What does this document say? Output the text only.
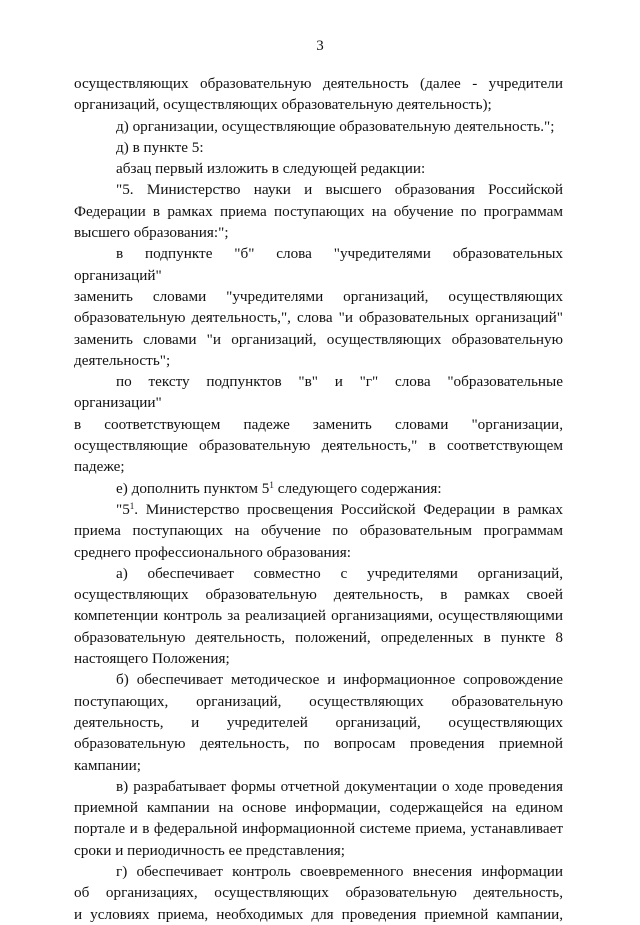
3
осуществляющих образовательную деятельность (далее - учредители
организаций, осуществляющих образовательную деятельность);
д) организации, осуществляющие образовательную деятельность.";
д) в пункте 5:
абзац первый изложить в следующей редакции:
"5. Министерство науки и высшего образования Российской
Федерации в рамках приема поступающих на обучение по программам
высшего образования:";
в подпункте "б" слова "учредителями образовательных организаций"
заменить словами "учредителями организаций, осуществляющих
образовательную деятельность,", слова "и образовательных организаций"
заменить словами "и организаций, осуществляющих образовательную
деятельность";
по тексту подпунктов "в" и "г" слова "образовательные организации"
в соответствующем падеже заменить словами "организации,
осуществляющие образовательную деятельность," в соответствующем
падеже;
е) дополнить пунктом $5^1$ следующего содержания:
"$5^1$. Министерство просвещения Российской Федерации в рамках
приема поступающих на обучение по образовательным программам
среднего профессионального образования:
а) обеспечивает совместно с учредителями организаций,
осуществляющих образовательную деятельность, в рамках своей
компетенции контроль за реализацией организациями, осуществляющими
образовательную деятельность, положений, определенных в пункте 8
настоящего Положения;
б) обеспечивает методическое и информационное сопровождение
поступающих, организаций, осуществляющих образовательную
деятельность, и учредителей организаций, осуществляющих
образовательную деятельность, по вопросам проведения приемной
кампании;
в) разрабатывает формы отчетной документации о ходе проведения
приемной кампании на основе информации, содержащейся на едином
портале и в федеральной информационной системе приема, устанавливает
сроки и периодичность ее представления;
г) обеспечивает контроль своевременного внесения информации
об организациях, осуществляющих образовательную деятельность,
и условиях приема, необходимых для проведения приемной кампании,
